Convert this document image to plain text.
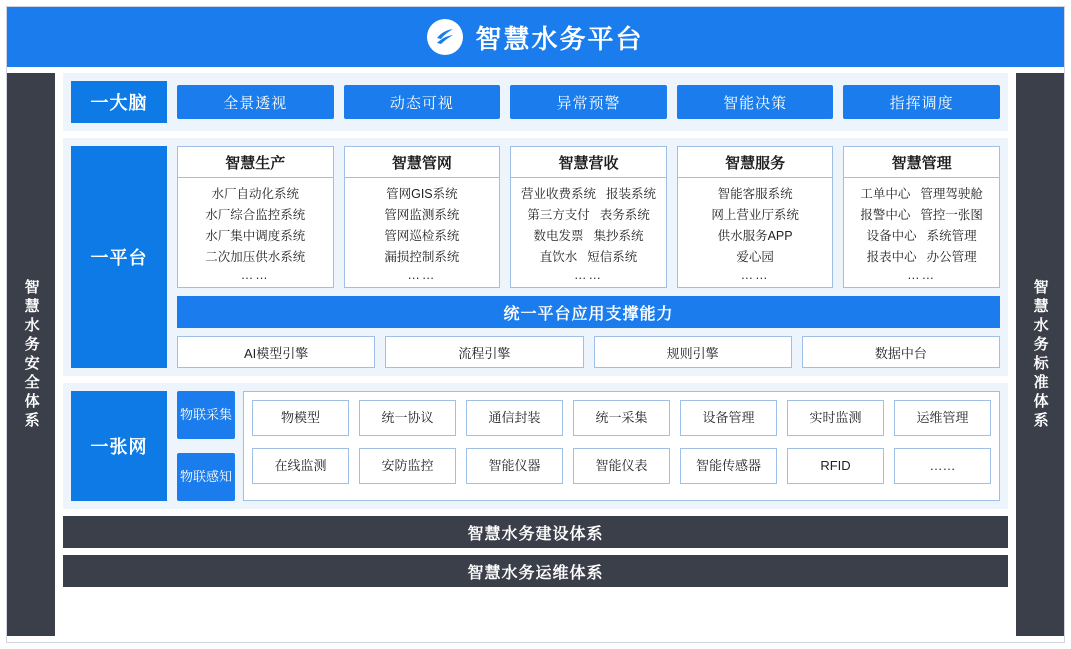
智慧水务平台
智慧水务安全体系
一大脑	全景透视	动态可视	异常预警	智能决策	指挥调度
一平台
智慧生产
水厂自动化系统
水厂综合监控系统
水厂集中调度系统
二次加压供水系统
……
智慧管网
管网GIS系统
管网监测系统
管网巡检系统
漏损控制系统
……
智慧营收
营业收费系统 报装系统
第三方支付 表务系统
数电发票 集抄系统
直饮水 短信系统
……
智慧服务
智能客服系统
网上营业厅系统
供水服务APP
爱心园
……
智慧管理
工单中心 管理驾驶舱
报警中心 管控一张图
设备中心 系统管理
报表中心 办公管理
……
统一平台应用支撑能力
AI模型引擎	流程引擎	规则引擎	数据中台
一张网
物联采集
物联感知
物模型	统一协议	通信封装	统一采集	设备管理	实时监测	运维管理
在线监测	安防监控	智能仪器	智能仪表	智能传感器	RFID	……
智慧水务建设体系
智慧水务运维体系
智慧水务标准体系
